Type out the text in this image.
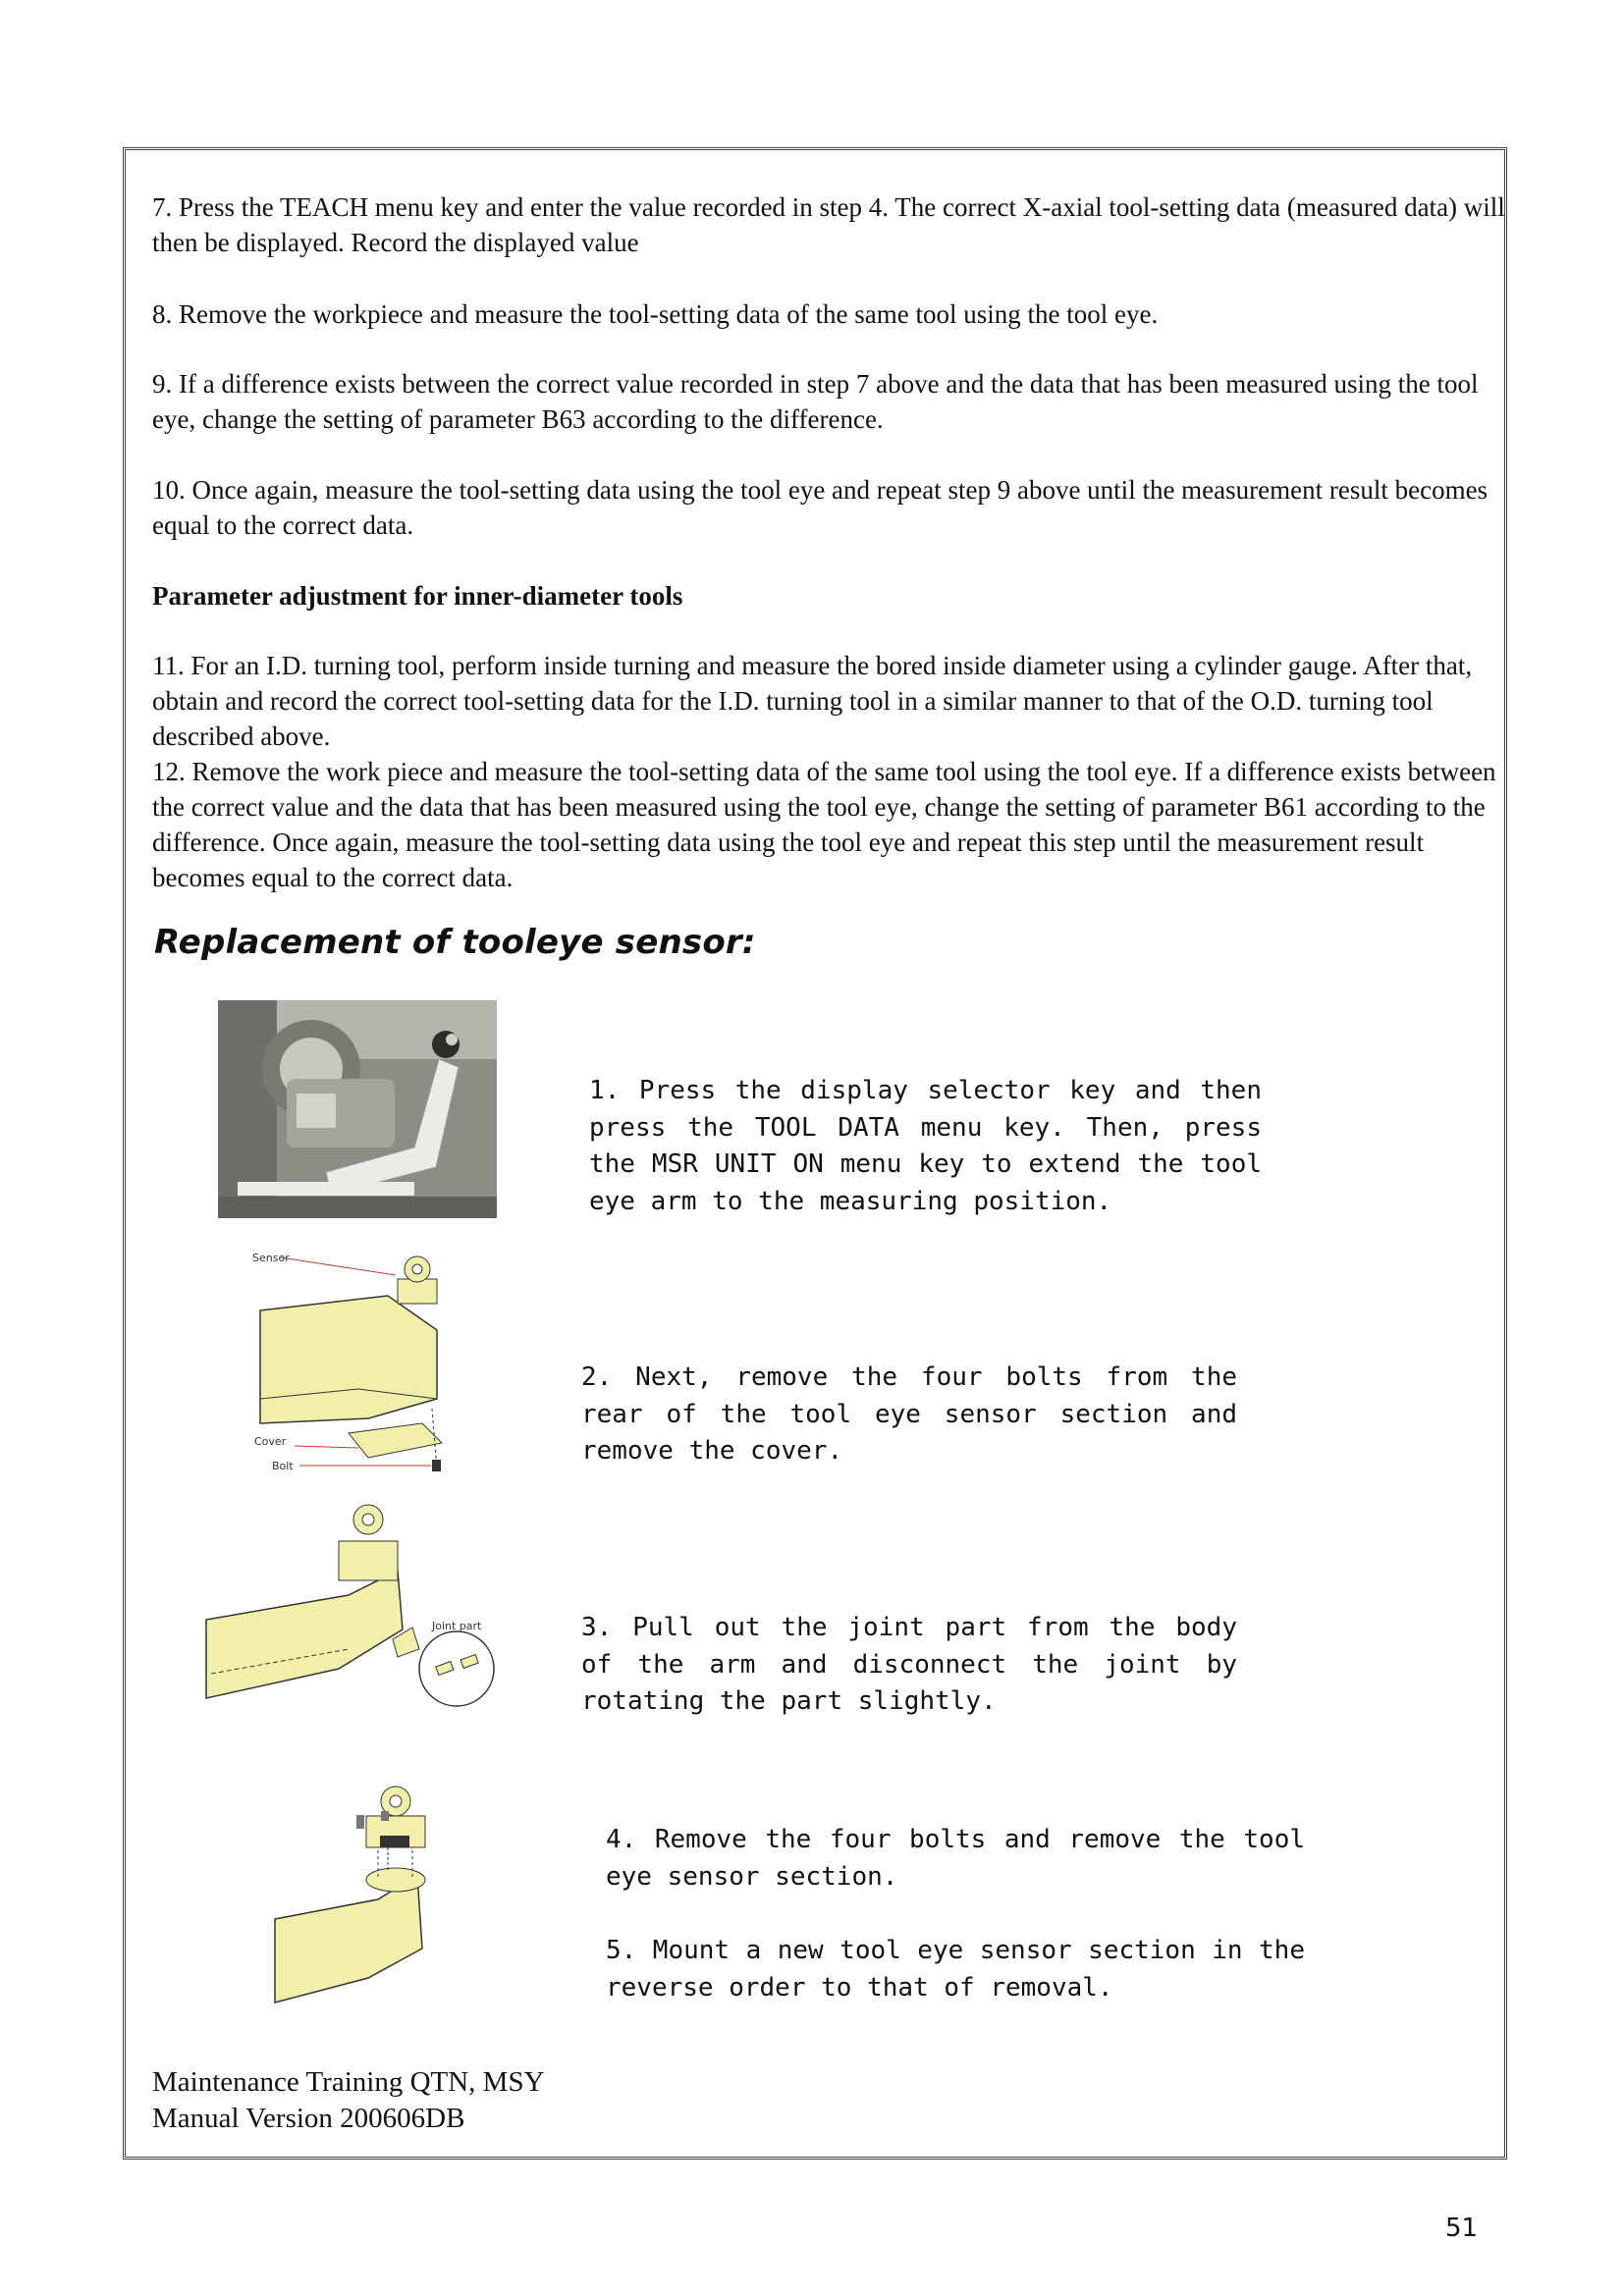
7. Press the TEACH menu key and enter the value recorded in step 4. The correct X-axial tool-setting data (measured data) will then be displayed. Record the displayed value

8. Remove the workpiece and measure the tool-setting data of the same tool using the tool eye.

9. If a difference exists between the correct value recorded in step 7 above and the data that has been measured using the tool eye, change the setting of parameter B63 according to the difference.

10. Once again, measure the tool-setting data using the tool eye and repeat step 9 above until the measurement result becomes equal to the correct data.

Parameter adjustment for inner-diameter tools

11. For an I.D. turning tool, perform inside turning and measure the bored inside diameter using a cylinder gauge. After that, obtain and record the correct tool-setting data for the I.D. turning tool in a similar manner to that of the O.D. turning tool described above.

12. Remove the work piece and measure the tool-setting data of the same tool using the tool eye. If a difference exists between the correct value and the data that has been measured using the tool eye, change the setting of parameter B61 according to the difference. Once again, measure the tool-setting data using the tool eye and repeat this step until the measurement result becomes equal to the correct data.

Replacement of tooleye sensor:
Sensor
Cover
Bolt
Joint part

1. Press the display selector key and then press the TOOL DATA menu key. Then, press the MSR UNIT ON menu key to extend the tool eye arm to the measuring position.

2. Next, remove the four bolts from the rear of the tool eye sensor section and remove the cover.

3. Pull out the joint part from the body of the arm and disconnect the joint by rotating the part slightly.

4. Remove the four bolts and remove the tool eye sensor section.

5. Mount a new tool eye sensor section in the reverse order to that of removal.

Maintenance Training QTN, MSY
Manual Version 200606DB
51
